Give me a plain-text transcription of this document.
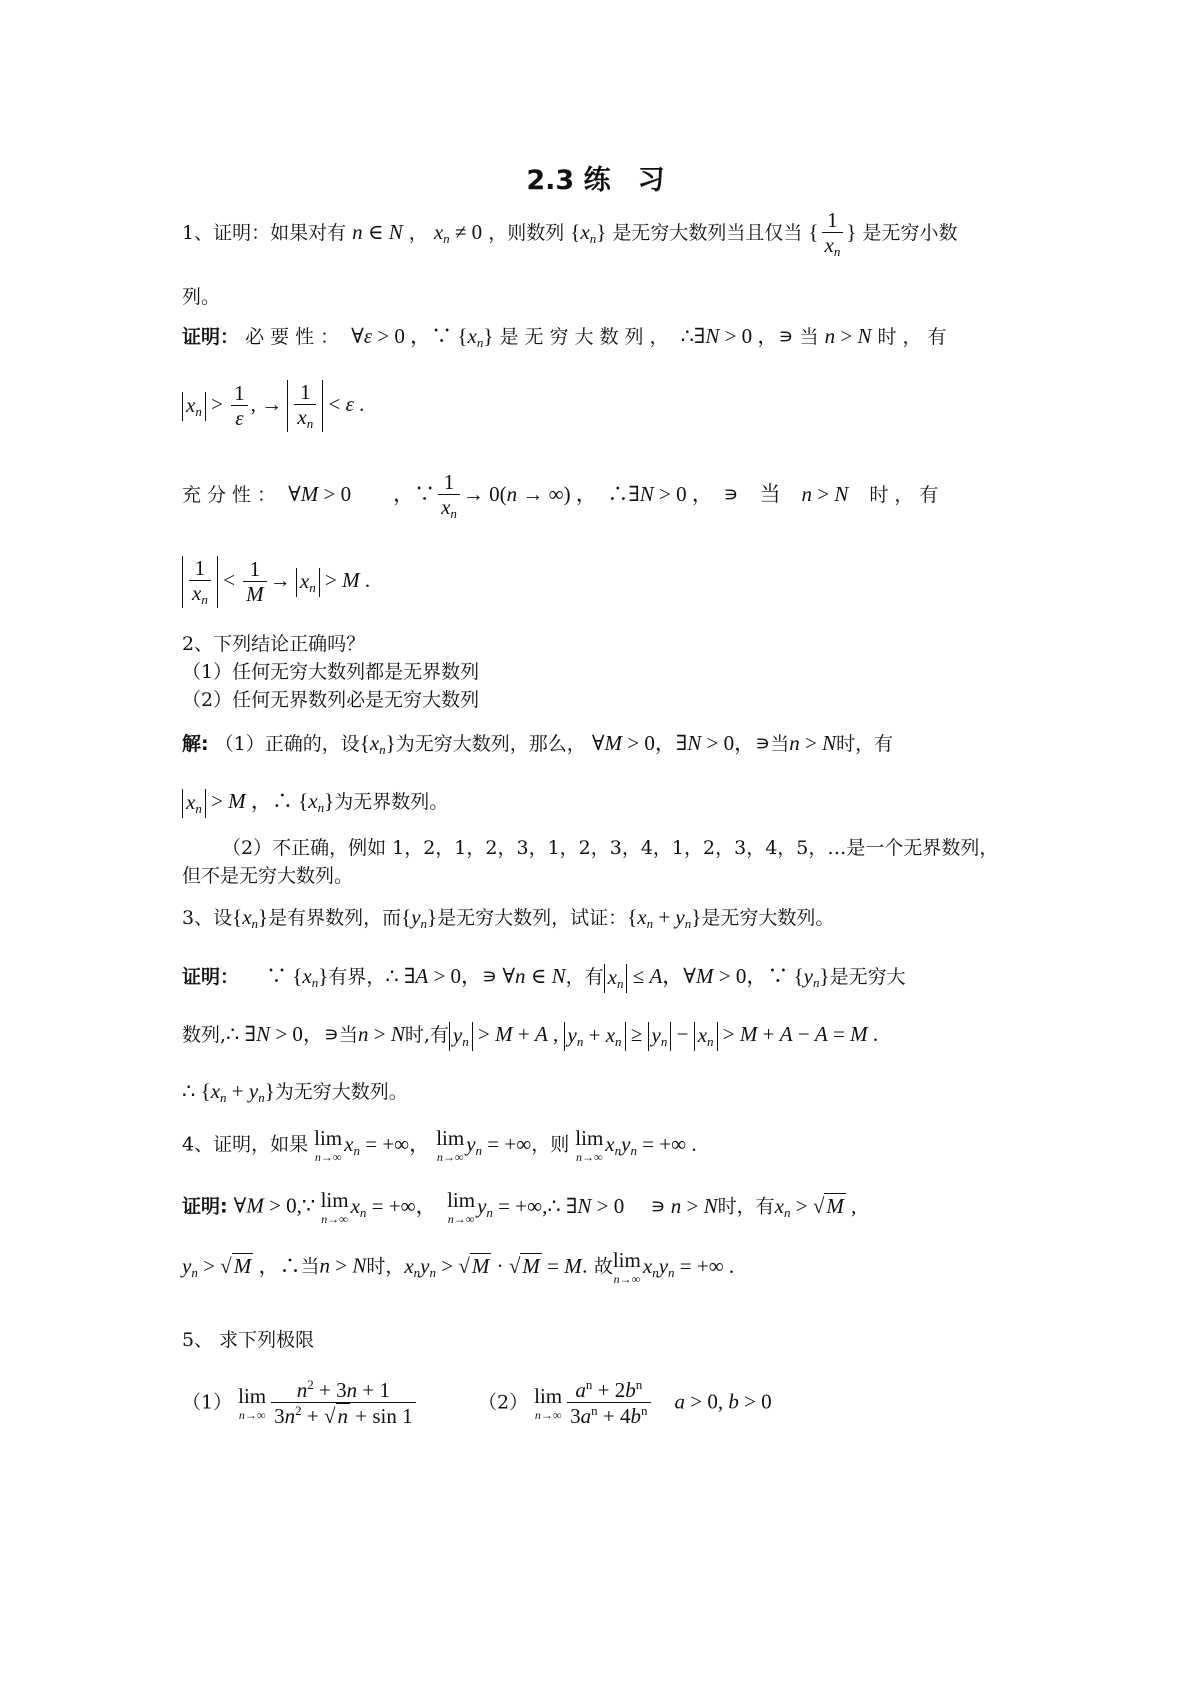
2.3 练　习
1、证明：如果对有 n ∈ N ， $x_n \ne 0$ ，则数列 $\{x_n\}$ 是无穷大数列当且仅当 { $\frac{1}{x_n}$ } 是无穷小数
列。
证明： 必要性： ∀ε > 0 ，∵ $\{x_n\}$ 是无穷大数列， ∴∃N > 0 ，∍ 当 n > N 时，有
$x_n > \frac{1}{\varepsilon}$ , → $\frac{1}{x_n} < \varepsilon$ .
充分性： ∀M > 0　　，∵ $\frac{1}{x_n} \to 0(n$ → ∞) ，　∴∃N > 0 ，　∍　当　n > N　 时，有
$\frac{1}{x_n} < \frac{1}{M} \to x_n > M$ .
2、下列结论正确吗？
（1）任何无穷大数列都是无界数列
（2）任何无界数列必是无穷大数列
解: （1）正确的，设$\{x_n\}$为无穷大数列，那么， ∀M > 0，∃N > 0，∍当n > N时，有
$x_n > M$ ，∴ $\{x_n\}$为无界数列。
（2）不正确，例如 1，2，1，2，3，1，2，3，4，1，2，3，4，5，…是一个无界数列，
但不是无穷大数列。
3、设$\{x_n\}$是有界数列，而$\{y_n\}$是无穷大数列，试证：$\{x_n + y_n\}$是无穷大数列。
证明： 　∵ $\{x_n\}$有界，∴ ∃A > 0，∍ ∀n ∈ N，有 $x_n \le A$，∀M > 0，∵ $\{y_n\}$是无穷大
数列,∴ ∃N > 0，∍当n > N时,有 $y_n > M + A$ , $y_n + x_n \ge y_n - x_n > M + A - A = M$ .
∴ $\{x_n + y_n\}$为无穷大数列。
4、证明，如果 lim
n→∞
$x_n$ = +∞， lim
n→∞
$y_n$ = +∞，则 lim
n→∞
$x_ny_n$ = +∞ .
证明: ∀M > 0,∵ lim
n→∞
$x_n$ = +∞，　 lim
n→∞
$y_n$ = +∞,∴ ∃N > 0 　∍ n > N时，有$x_n > √M$ ,
$y_n > √M$ ，∴当n > N时，$x_ny_n > √M \cdot √M = M$. 故 lim
n→∞
$x_ny_n$ = +∞ .
5、 求下列极限
（1） lim
$n\to\infty \frac{n^2 + 3n + 1}{3n^2 + √n + \sin 1}$	（2） lim
$n\to\infty \frac{a^n + 2b^n}{3a^n + 4b^n}$
　 a > 0, b > 0
